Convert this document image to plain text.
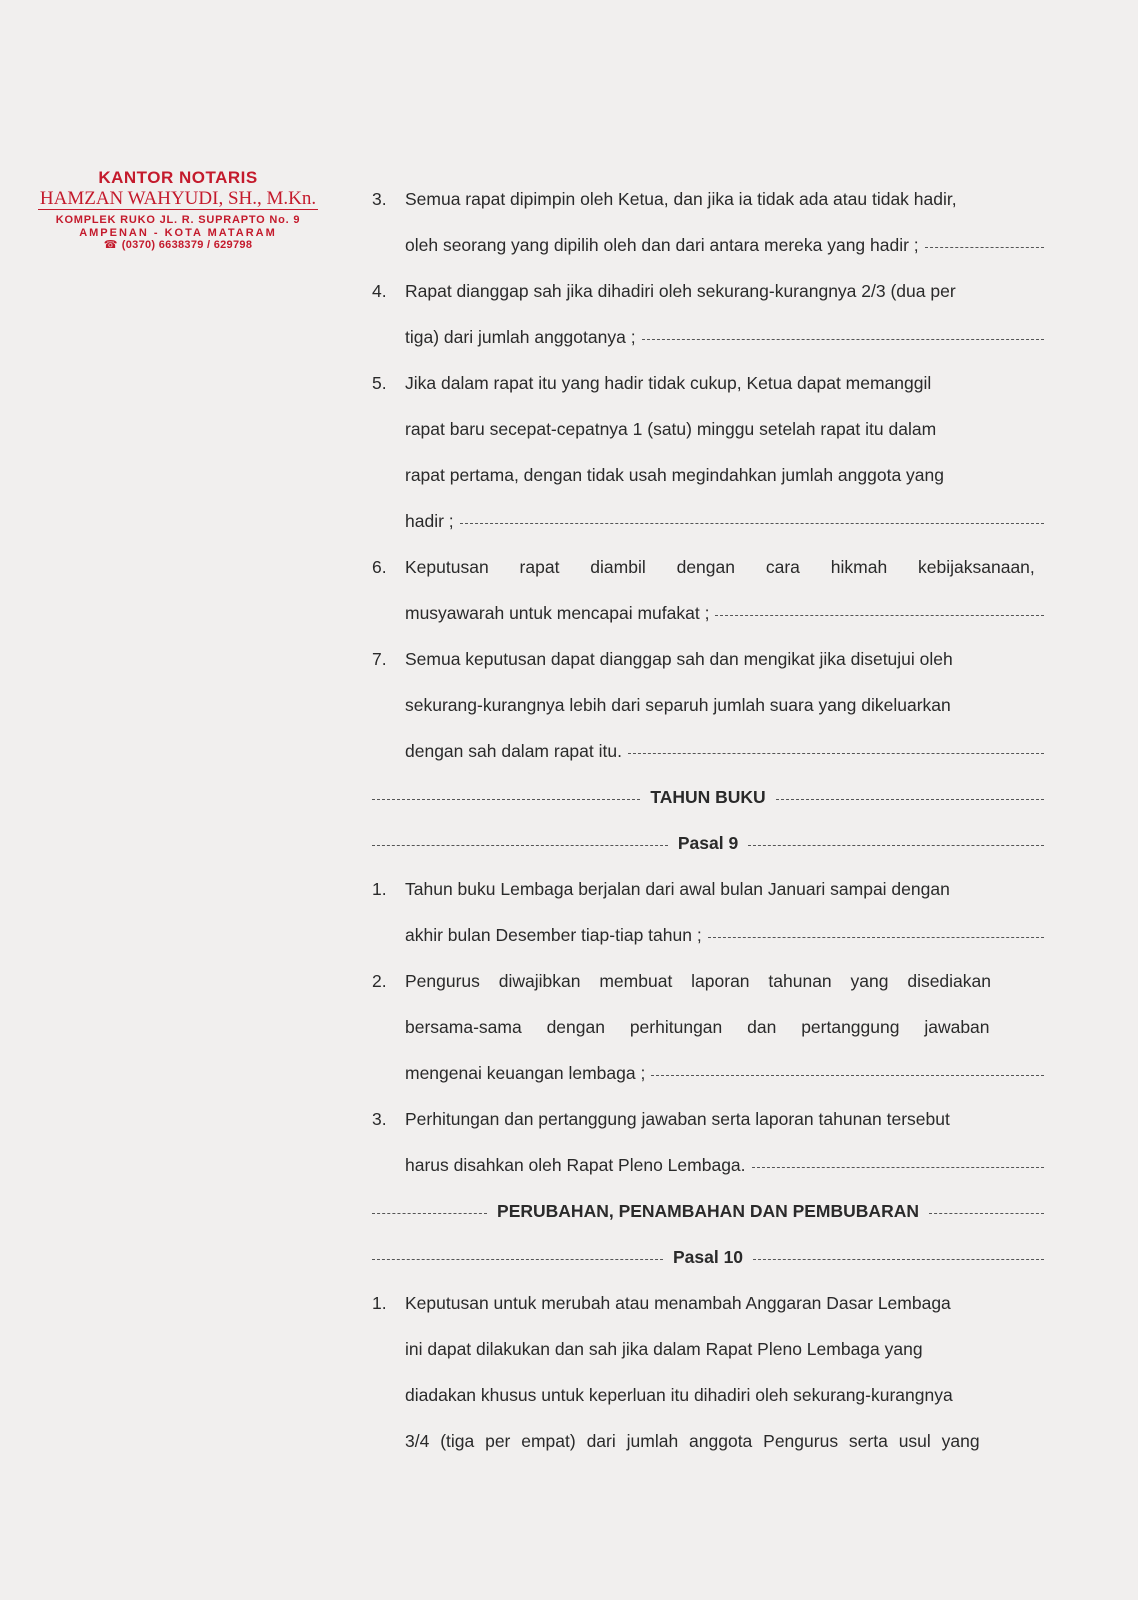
KANTOR NOTARIS
HAMZAN WAHYUDI, SH., M.Kn.
KOMPLEK RUKO JL. R. SUPRAPTO No. 9
AMPENAN - KOTA MATARAM
☎ (0370) 6638379 / 629798
3.	Semua rapat dipimpin oleh Ketua, dan jika ia tidak ada atau tidak hadir,
oleh seorang yang dipilih oleh dan dari antara mereka yang hadir ;
4.	Rapat dianggap sah jika dihadiri oleh sekurang-kurangnya 2/3 (dua per
tiga) dari jumlah anggotanya ;
5.	Jika dalam rapat itu yang hadir tidak cukup, Ketua dapat memanggil
rapat baru secepat-cepatnya 1 (satu) minggu setelah rapat itu dalam
rapat pertama, dengan tidak usah megindahkan jumlah anggota yang
hadir ;
6.	Keputusan rapat diambil dengan cara hikmah kebijaksanaan,
musyawarah untuk mencapai mufakat ;
7.	Semua keputusan dapat dianggap sah dan mengikat jika disetujui oleh
sekurang-kurangnya lebih dari separuh jumlah suara yang dikeluarkan
dengan sah dalam rapat itu.
TAHUN BUKU
Pasal 9
1.	Tahun buku Lembaga berjalan dari awal bulan Januari sampai dengan
akhir bulan Desember tiap-tiap tahun ;
2.	Pengurus diwajibkan membuat laporan tahunan yang disediakan
bersama-sama dengan perhitungan dan pertanggung jawaban
mengenai keuangan lembaga ;
3.	Perhitungan dan pertanggung jawaban serta laporan tahunan tersebut
harus disahkan oleh Rapat Pleno Lembaga.
PERUBAHAN, PENAMBAHAN DAN PEMBUBARAN
Pasal 10
1.	Keputusan untuk merubah atau menambah Anggaran Dasar Lembaga
ini dapat dilakukan dan sah jika dalam Rapat Pleno Lembaga yang
diadakan khusus untuk keperluan itu dihadiri oleh sekurang-kurangnya
3/4 (tiga per empat) dari jumlah anggota Pengurus serta usul yang
